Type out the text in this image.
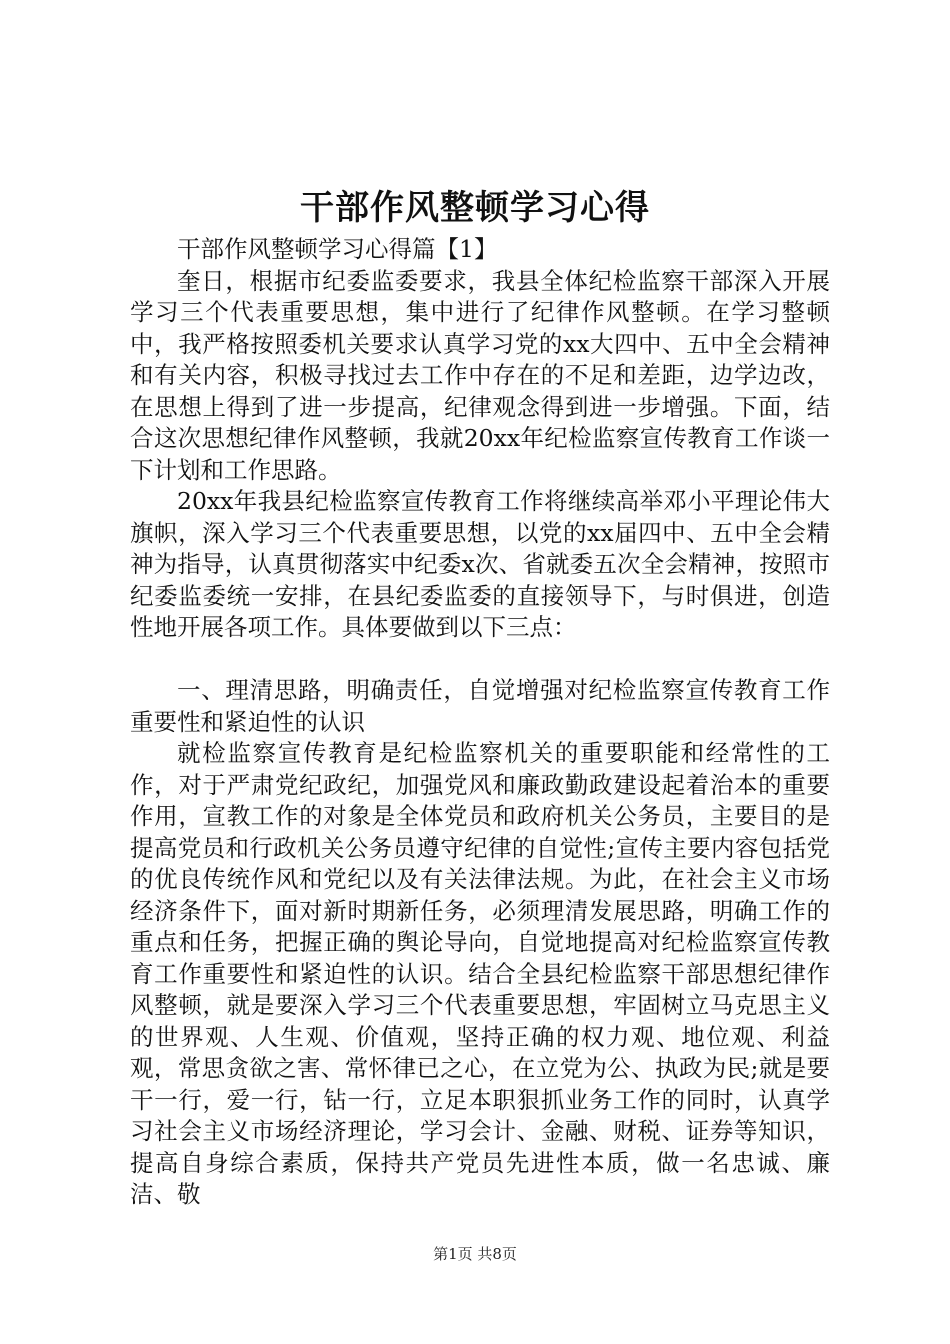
干部作风整顿学习心得

干部作风整顿学习心得篇【1】

奎日，根据市纪委监委要求，我县全体纪检监察干部深入开展学习三个代表重要思想，集中进行了纪律作风整顿。在学习整顿中，我严格按照委机关要求认真学习党的xx大四中、五中全会精神和有关内容，积极寻找过去工作中存在的不足和差距，边学边改，在思想上得到了进一步提高，纪律观念得到进一步增强。下面，结合这次思想纪律作风整顿，我就20xx年纪检监察宣传教育工作谈一下计划和工作思路。

20xx年我县纪检监察宣传教育工作将继续高举邓小平理论伟大旗帜，深入学习三个代表重要思想，以党的xx届四中、五中全会精神为指导，认真贯彻落实中纪委x次、省就委五次全会精神，按照市纪委监委统一安排，在县纪委监委的直接领导下，与时俱进，创造性地开展各项工作。具体要做到以下三点：

一、理清思路，明确责任，自觉增强对纪检监察宣传教育工作重要性和紧迫性的认识

就检监察宣传教育是纪检监察机关的重要职能和经常性的工作，对于严肃党纪政纪，加强党风和廉政勤政建设起着治本的重要作用，宣教工作的对象是全体党员和政府机关公务员，主要目的是提高党员和行政机关公务员遵守纪律的自觉性;宣传主要内容包括党的优良传统作风和党纪以及有关法律法规。为此，在社会主义市场经济条件下，面对新时期新任务，必须理清发展思路，明确工作的重点和任务，把握正确的舆论导向，自觉地提高对纪检监察宣传教育工作重要性和紧迫性的认识。结合全县纪检监察干部思想纪律作风整顿，就是要深入学习三个代表重要思想，牢固树立马克思主义的世界观、人生观、价值观，坚持正确的权力观、地位观、利益观，常思贪欲之害、常怀律已之心，在立党为公、执政为民;就是要干一行，爱一行，钻一行，立足本职狠抓业务工作的同时，认真学习社会主义市场经济理论，学习会计、金融、财税、证券等知识，提高自身综合素质，保持共产党员先进性本质，做一名忠诚、廉洁、敬

第1页 共8页
